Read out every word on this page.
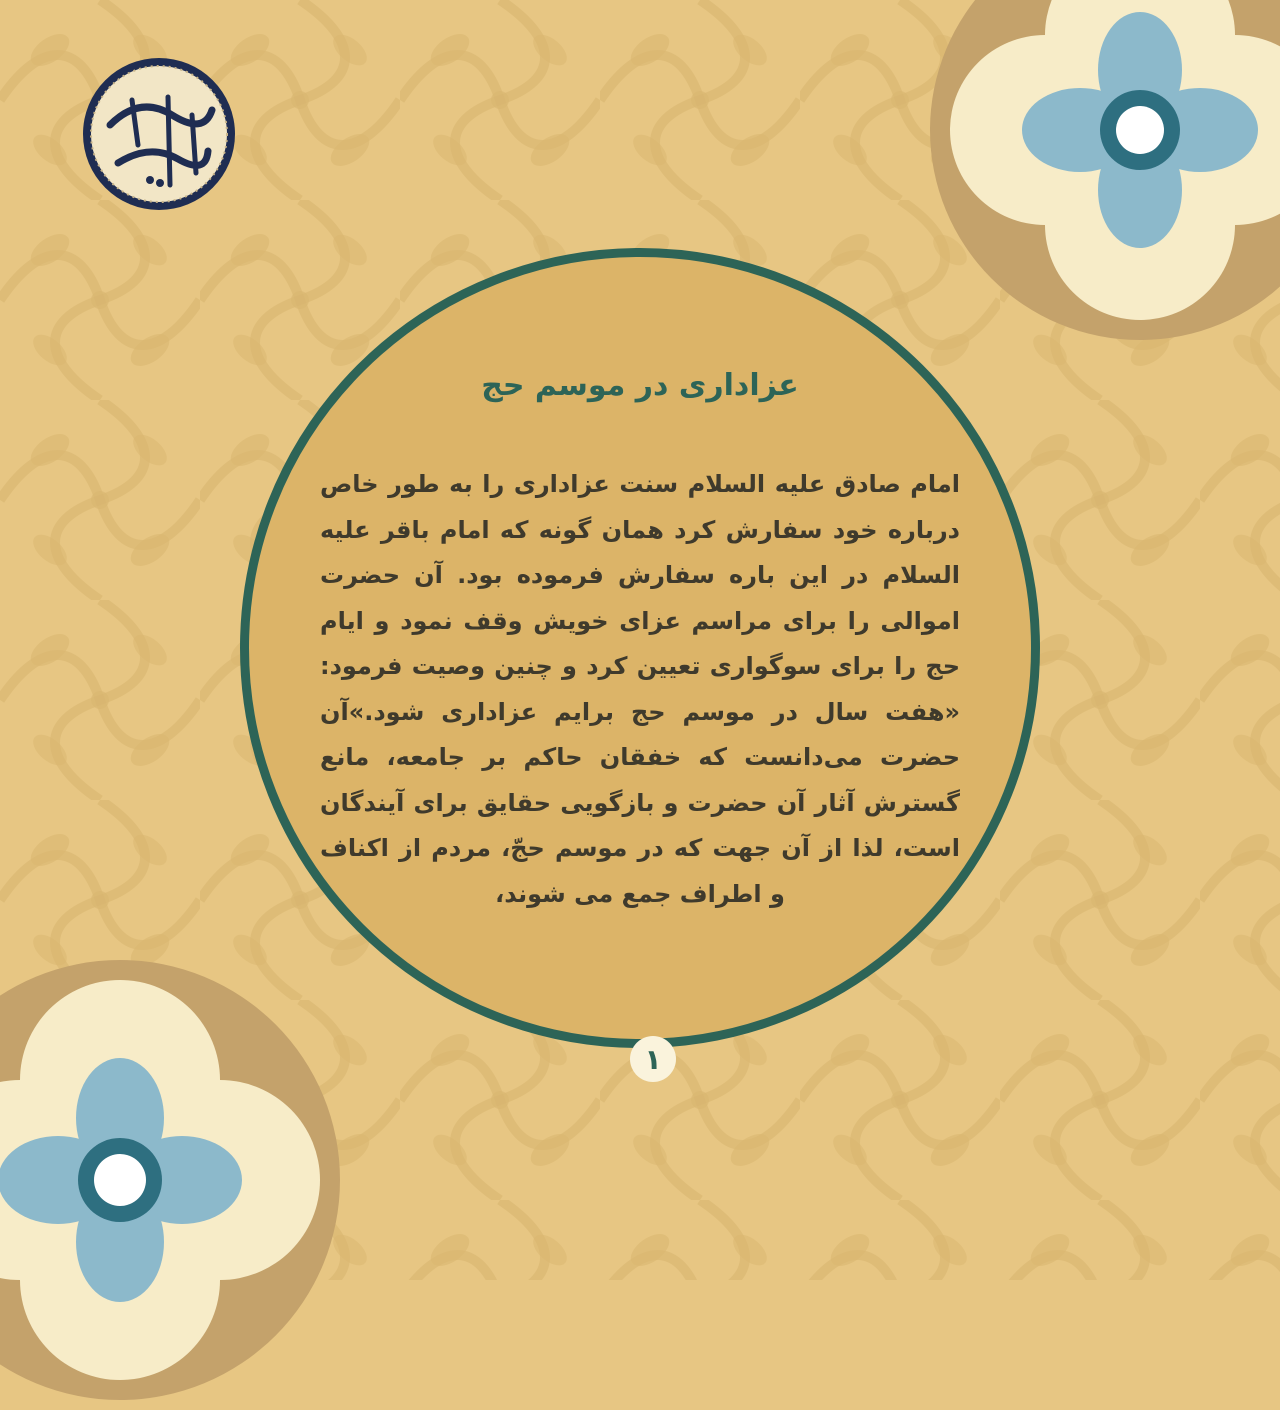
عزاداری در موسم حج
امام صادق علیه السلام سنت عزاداری را به طور خاص درباره خود سفارش کرد همان گونه که امام باقر علیه السلام در این باره سفارش فرموده بود. آن حضرت اموالی را برای مراسم عزای خویش وقف نمود و ایام حج را برای سوگواری تعیین کرد و چنین وصیت فرمود: «هفت سال در موسم حج برایم عزاداری شود.»آن حضرت می‌دانست که خفقان حاکم بر جامعه، مانع گسترش آثار آن حضرت و بازگویی حقایق برای آیندگان است، لذا از آن جهت که در موسم حجّ، مردم از اکناف و اطراف جمع می شوند،
۱
